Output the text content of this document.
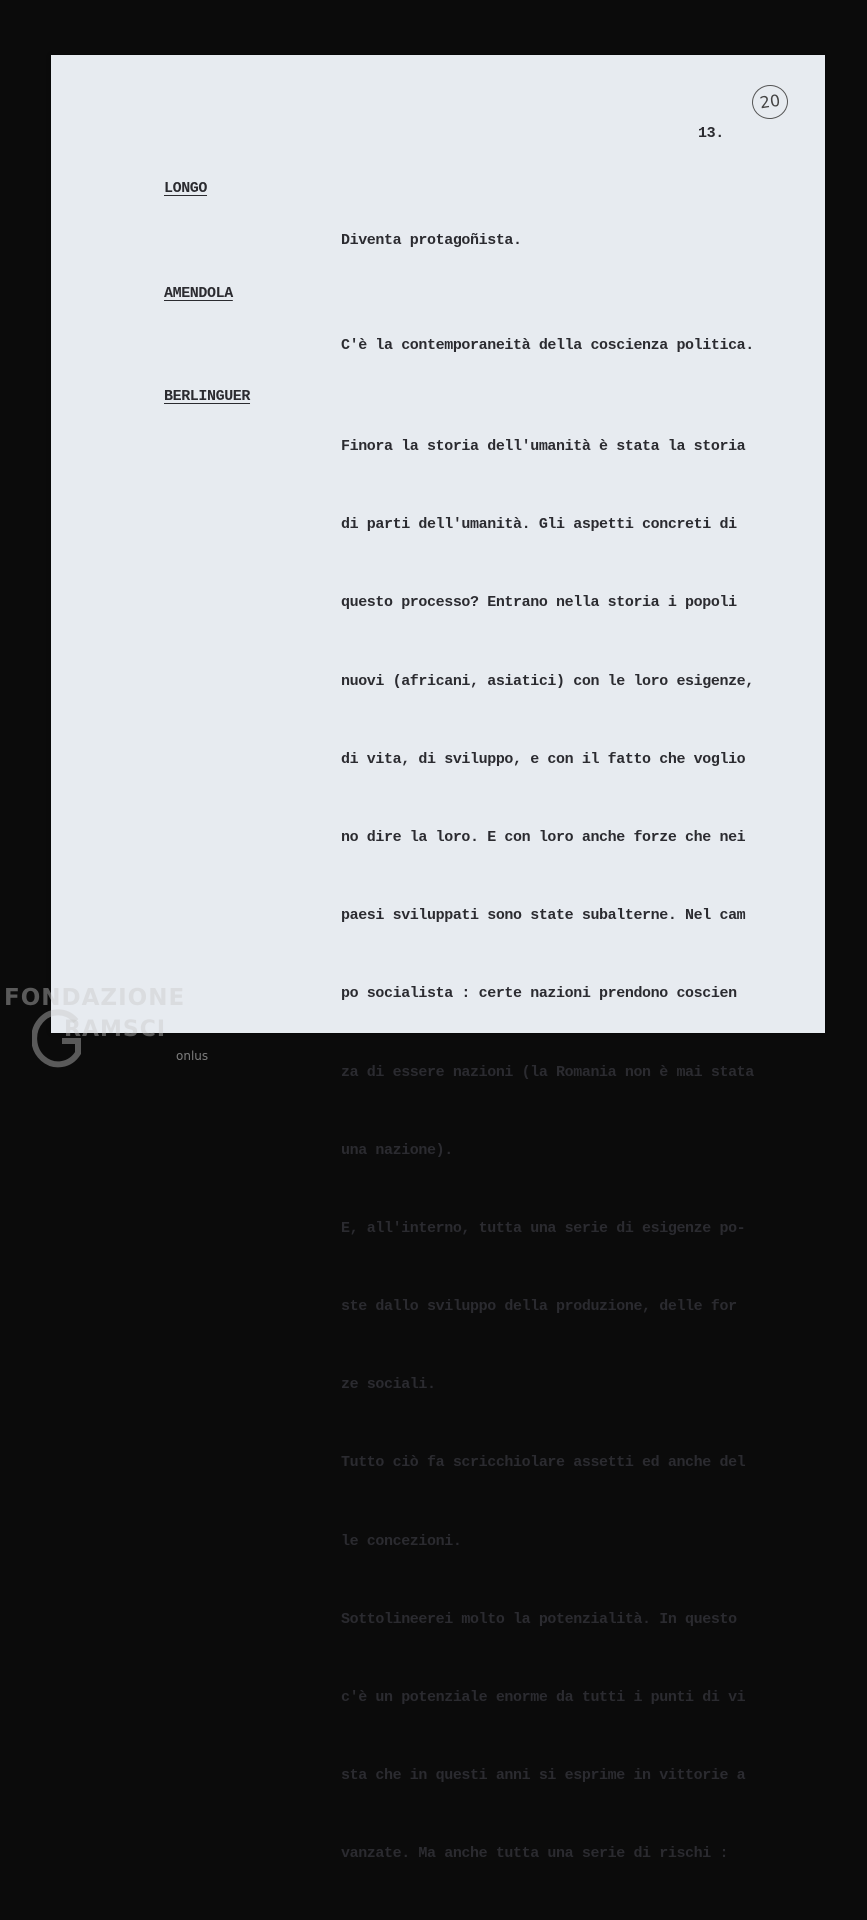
20
13.
LONGO

Diventa protagoñista.

AMENDOLA

C'è la contemporaneità della coscienza politica.

BERLINGUER

Finora la storia dell'umanità è stata la storia

di parti dell'umanità. Gli aspetti concreti di

questo processo? Entrano nella storia i popoli

nuovi (africani, asiatici) con le loro esigenze,

di vita, di sviluppo, e con il fatto che voglio

no dire la loro. E con loro anche forze che nei

paesi sviluppati sono state subalterne. Nel cam

po socialista : certe nazioni prendono coscien

za di essere nazioni (la Romania non è mai stata

una nazione).

E, all'interno, tutta una serie di esigenze po-

ste dallo sviluppo della produzione, delle for

ze sociali.

Tutto ciò fa scricchiolare assetti ed anche del

le concezioni.

Sottolineerei molto la potenzialità. In questo

c'è un potenziale enorme da tutti i punti di vi

sta che in questi anni si esprime in vittorie a

vanzate. Ma anche tutta una serie di rischi :

FONDAZIONE
RAMSCI
onlus
